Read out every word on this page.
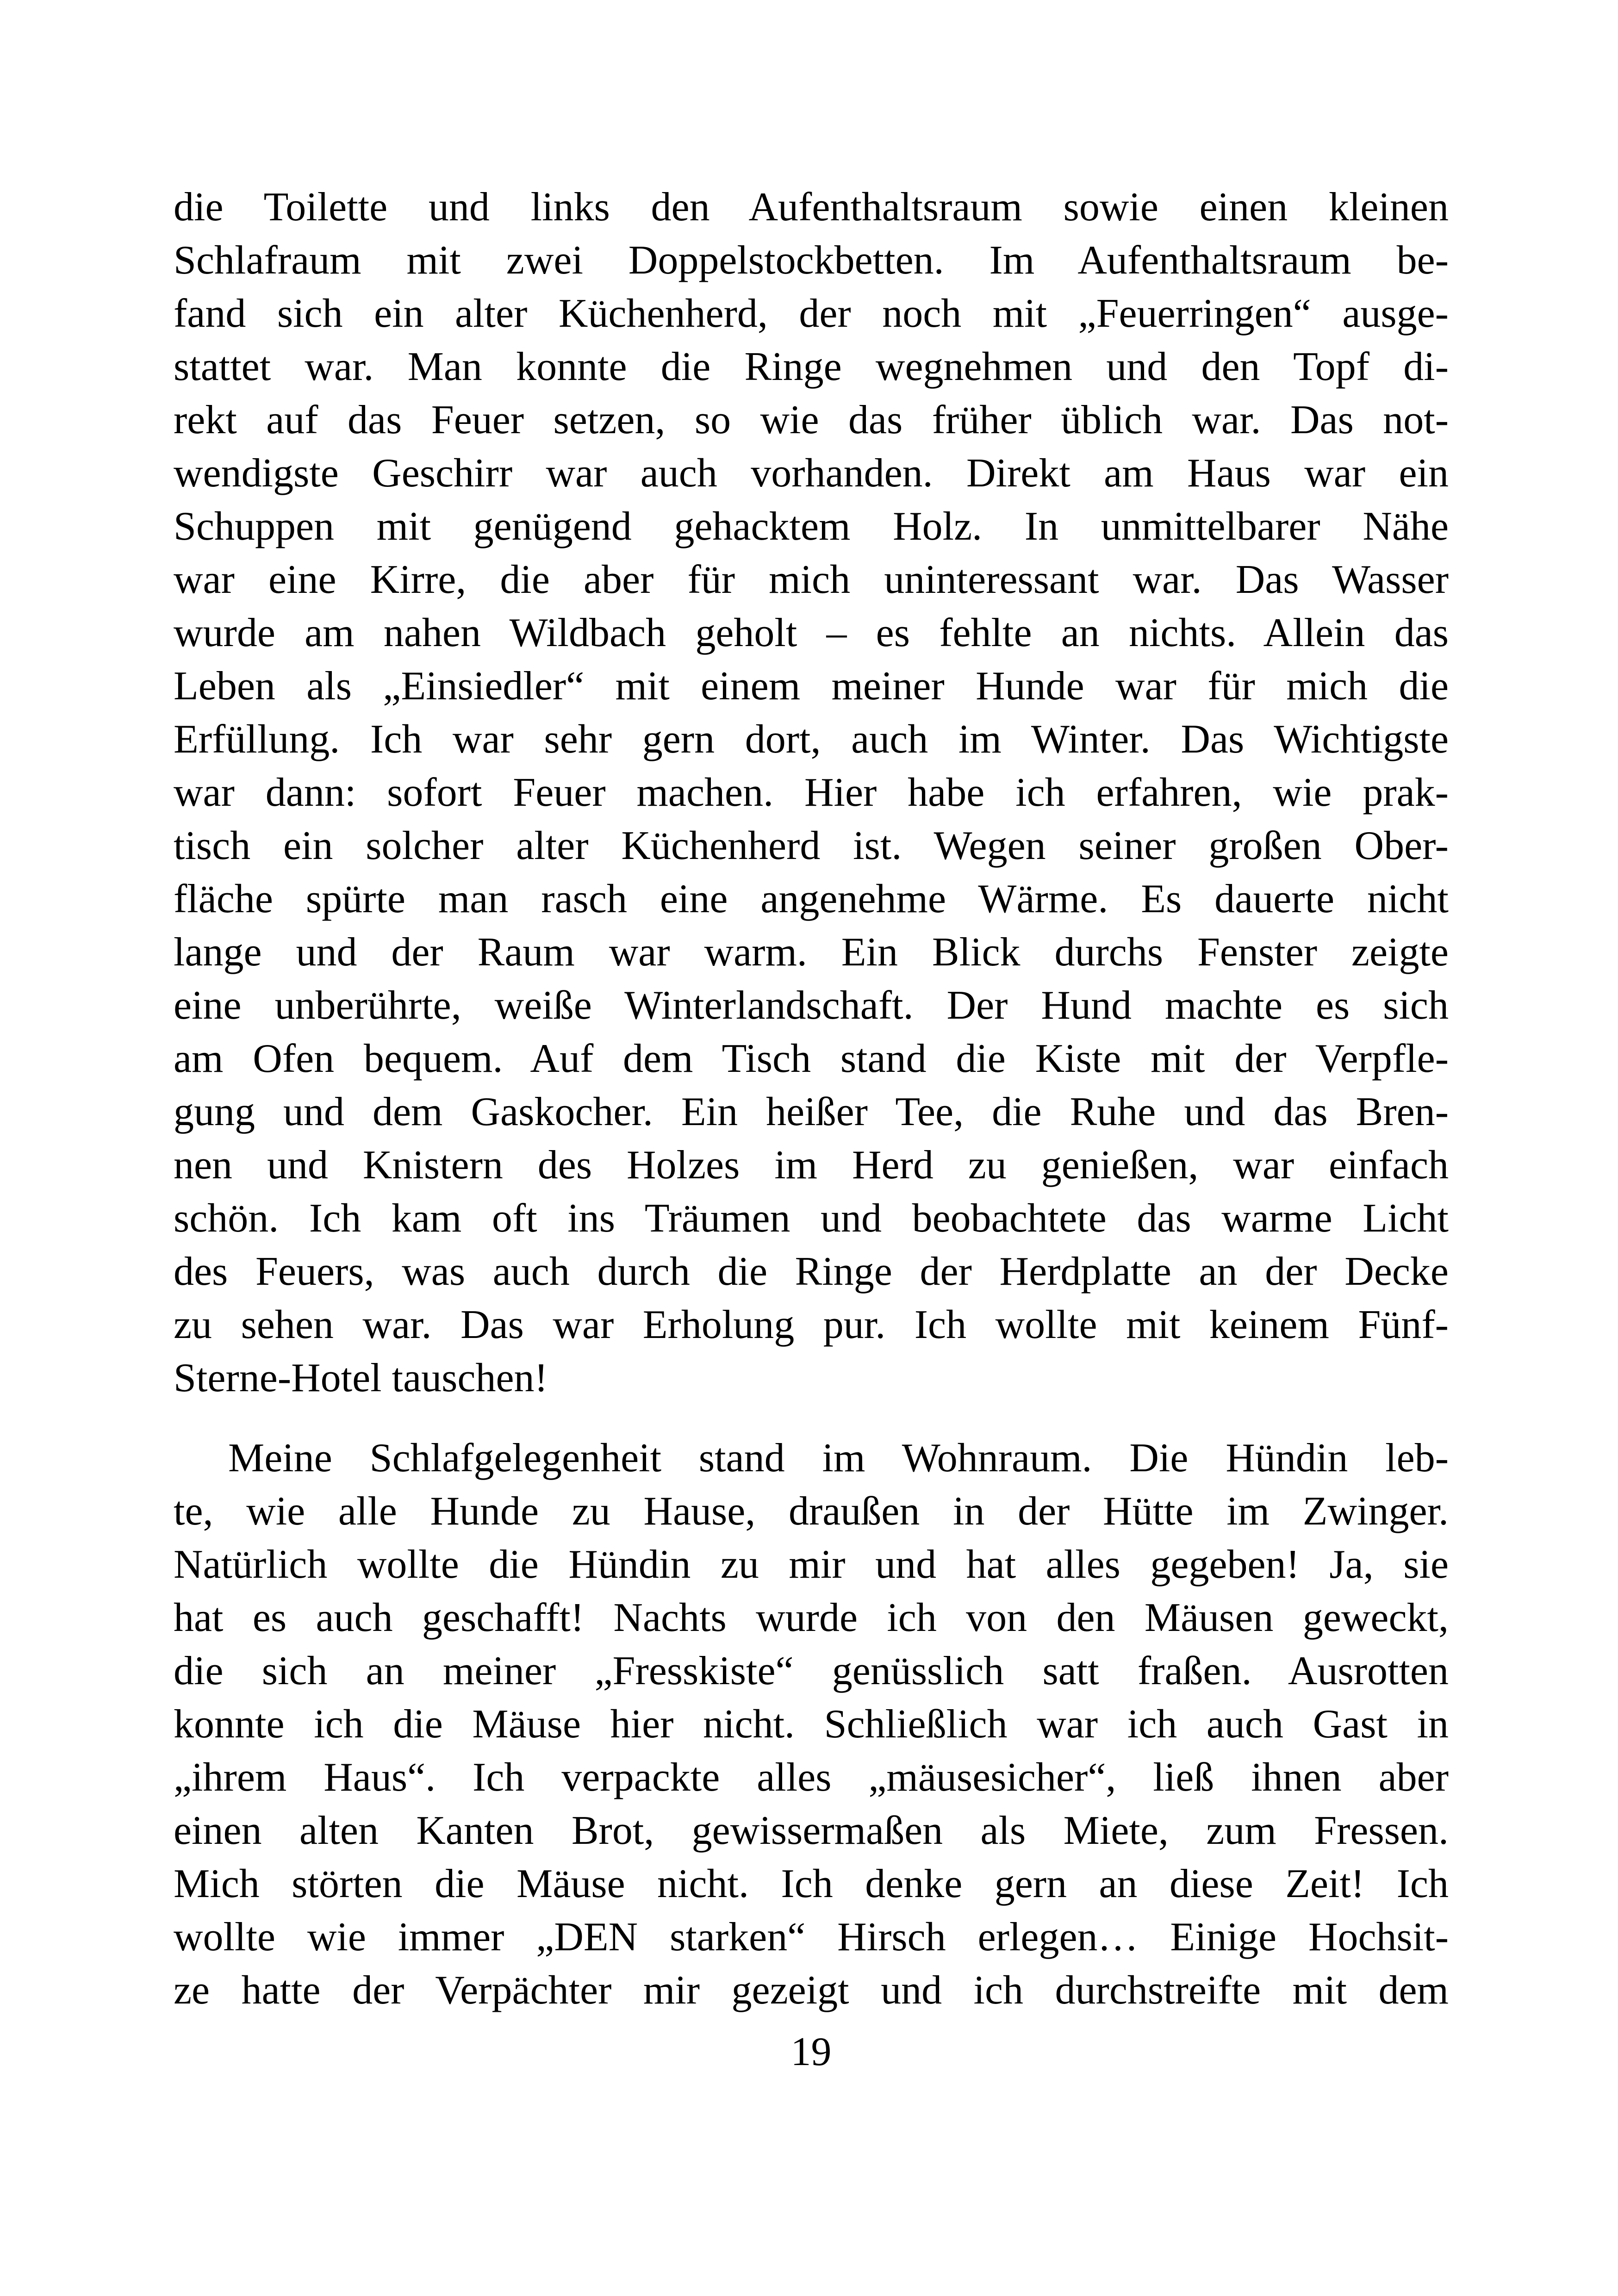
die Toilette und links den Aufenthaltsraum sowie einen kleinen
Schlafraum mit zwei Doppelstockbetten. Im Aufenthaltsraum be-
fand sich ein alter Küchenherd, der noch mit „Feuerringen“ ausge-
stattet war. Man konnte die Ringe wegnehmen und den Topf di-
rekt auf das Feuer setzen, so wie das früher üblich war. Das not-
wendigste Geschirr war auch vorhanden. Direkt am Haus war ein
Schuppen mit genügend gehacktem Holz. In unmittelbarer Nähe
war eine Kirre, die aber für mich uninteressant war. Das Wasser
wurde am nahen Wildbach geholt – es fehlte an nichts. Allein das
Leben als „Einsiedler“ mit einem meiner Hunde war für mich die
Erfüllung. Ich war sehr gern dort, auch im Winter. Das Wichtigste
war dann: sofort Feuer machen. Hier habe ich erfahren, wie prak-
tisch ein solcher alter Küchenherd ist. Wegen seiner großen Ober-
fläche spürte man rasch eine angenehme Wärme. Es dauerte nicht
lange und der Raum war warm. Ein Blick durchs Fenster zeigte
eine unberührte, weiße Winterlandschaft. Der Hund machte es sich
am Ofen bequem. Auf dem Tisch stand die Kiste mit der Verpfle-
gung und dem Gaskocher. Ein heißer Tee, die Ruhe und das Bren-
nen und Knistern des Holzes im Herd zu genießen, war einfach
schön. Ich kam oft ins Träumen und beobachtete das warme Licht
des Feuers, was auch durch die Ringe der Herdplatte an der Decke
zu sehen war. Das war Erholung pur. Ich wollte mit keinem Fünf-
Sterne-Hotel tauschen!
Meine Schlafgelegenheit stand im Wohnraum. Die Hündin leb-
te, wie alle Hunde zu Hause, draußen in der Hütte im Zwinger.
Natürlich wollte die Hündin zu mir und hat alles gegeben! Ja, sie
hat es auch geschafft! Nachts wurde ich von den Mäusen geweckt,
die sich an meiner „Fresskiste“ genüsslich satt fraßen. Ausrotten
konnte ich die Mäuse hier nicht. Schließlich war ich auch Gast in
„ihrem Haus“. Ich verpackte alles „mäusesicher“, ließ ihnen aber
einen alten Kanten Brot, gewissermaßen als Miete, zum Fressen.
Mich störten die Mäuse nicht. Ich denke gern an diese Zeit! Ich
wollte wie immer „DEN starken“ Hirsch erlegen… Einige Hochsit-
ze hatte der Verpächter mir gezeigt und ich durchstreifte mit dem
19
